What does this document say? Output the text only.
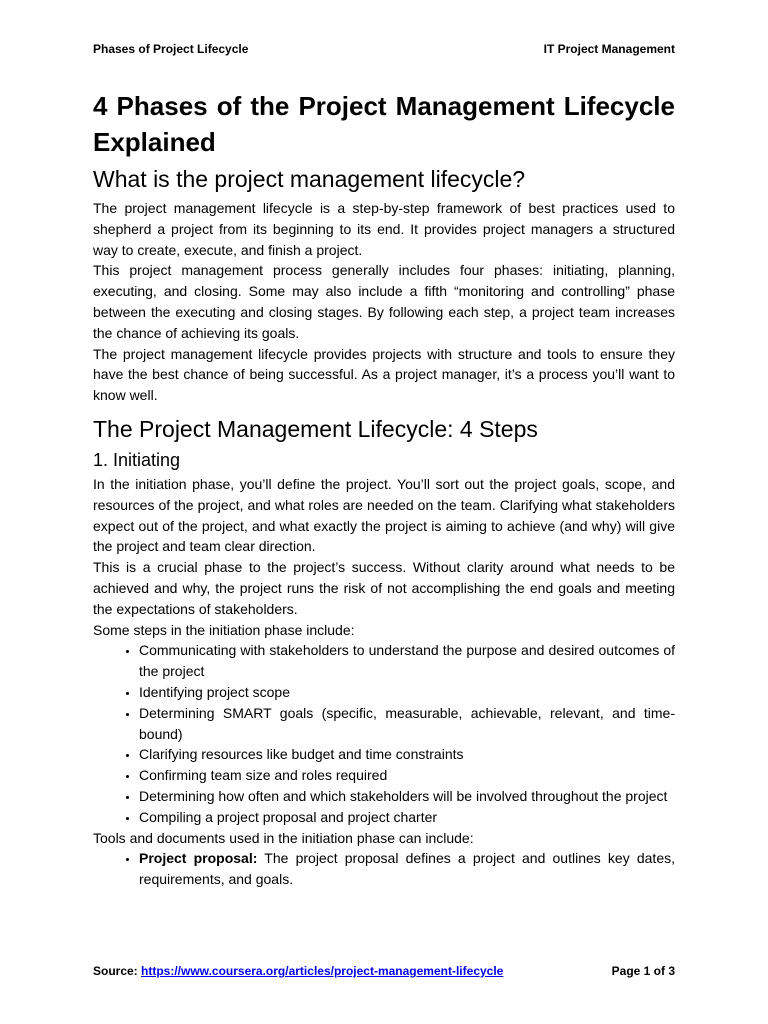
Phases of Project Lifecycle	IT Project Management
4 Phases of the Project Management Lifecycle Explained
What is the project management lifecycle?

The project management lifecycle is a step-by-step framework of best practices used to shepherd a project from its beginning to its end. It provides project managers a structured way to create, execute, and finish a project.

This project management process generally includes four phases: initiating, planning, executing, and closing. Some may also include a fifth “monitoring and controlling” phase between the executing and closing stages. By following each step, a project team increases the chance of achieving its goals.

The project management lifecycle provides projects with structure and tools to ensure they have the best chance of being successful. As a project manager, it’s a process you’ll want to know well.

The Project Management Lifecycle: 4 Steps
1. Initiating

In the initiation phase, you’ll define the project. You’ll sort out the project goals, scope, and resources of the project, and what roles are needed on the team. Clarifying what stakeholders expect out of the project, and what exactly the project is aiming to achieve (and why) will give the project and team clear direction.

This is a crucial phase to the project’s success. Without clarity around what needs to be achieved and why, the project runs the risk of not accomplishing the end goals and meeting the expectations of stakeholders.

Some steps in the initiation phase include:

• Communicating with stakeholders to understand the purpose and desired outcomes of the project
• Identifying project scope
• Determining SMART goals (specific, measurable, achievable, relevant, and time-bound)
• Clarifying resources like budget and time constraints
• Confirming team size and roles required
• Determining how often and which stakeholders will be involved throughout the project
• Compiling a project proposal and project charter

Tools and documents used in the initiation phase can include:

• Project proposal: The project proposal defines a project and outlines key dates, requirements, and goals.
Source: https://www.coursera.org/articles/project-management-lifecycle	Page 1 of 3
